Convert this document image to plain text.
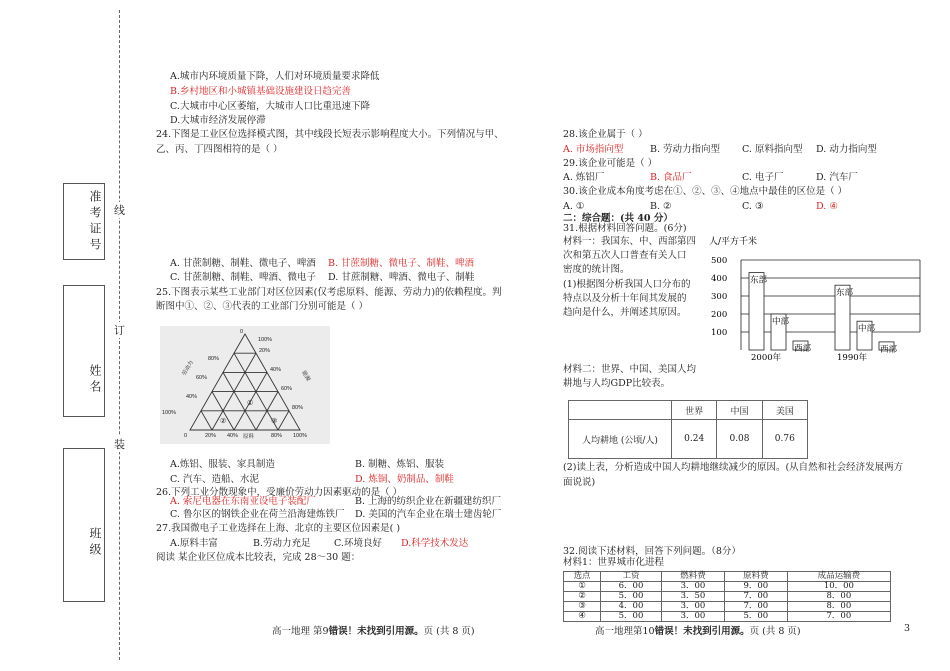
准考证号
姓名
班级
线
订
装
A.城市内环境质量下降，人们对环境质量要求降低
B.乡村地区和小城镇基础设施建设日趋完善
C.大城市中心区萎缩，大城市人口比重迅速下降
D.大城市经济发展停滞
24.下图是工业区位选择模式图，其中线段长短表示影响程度大小。下列情况与甲、
乙、丙、丁四图相符的是（ ）
A. 甘蔗制糖、制鞋、微电子、啤酒 B. 甘蔗制糖、微电子、制鞋、啤酒
C. 甘蔗制糖、制鞋、啤酒、微电子 D. 甘蔗制糖、啤酒、微电子、制鞋
25.下图表示某些工业部门对区位因素(仅考虑原料、能源、劳动力)的依赖程度。判
断图中①、②、③代表的工业部门分别可能是（ ）
0
20%
40%
60%
80%
100%
80%
60%
40%
100%
0	20% 40%	80% 100%
原料
劳动力	能源
①
②	③
A.炼铝、服装、家具制造	B. 制糖、炼铝、服装
C. 汽车、造船、水泥	D. 炼铜、奶制品、制鞋
26.下列工业分散现象中，受廉价劳动力因素驱动的是（ ）
A. 索尼电器在东南亚设电子装配厂	B. 上海的纺织企业在新疆建纺织厂
C. 鲁尔区的钢铁企业在荷兰沿海建炼铁厂 D. 美国的汽车企业在瑞士建齿轮厂
27.我国微电子工业选择在上海、北京的主要区位因素是( )
A.原料丰富	B.劳动力充足 C.环境良好 D.科学技术发达
阅读 某企业区位成本比较表，完成 28～30 题：
28.该企业属于（ ）
A. 市场指向型	B. 劳动力指向型 C. 原料指向型 D. 动力指向型
29.该企业可能是（ ）
A. 炼铝厂	B. 食品厂	C. 电子厂	D. 汽车厂
30.该企业成本角度考虑在①、②、③、④地点中最佳的区位是（ ）
A. ①	B. ②	C. ③	D. ④
二：综合题：(共 40 分）
31.根据材料回答问题。(6分)
材料一：我国东、中、西部第四
次和第五次人口普查有关人口
密度的统计图。
(1)根据图分析我国人口分布的
特点以及分析十年间其发展的
趋向是什么，并阐述其原因。
人/平方千米
100
200
300
400
500
东部
中部
西部
2000年
东部
中部
西部
1990年
材料二：世界、中国、美国人均
耕地与人均GDP比较表。
	世界	中国	美国
人均耕地 (公顷/人)	0.24	0.08	0.76
(2)读上表，分析造成中国人均耕地继续减少的原因。(从自然和社会经济发展两方
面说说)
32.阅读下述材料，回答下列问题。（8分）
材料1：世界城市化进程
选点	工资	燃料费	原料费	成品运输费
①	6．00	3．00	9．00	10．00
②	5．00	3．50	7．00	8．00
③	4．00	3．00	7．00	8．00
④	5．00	3．00	5．00	7．00
高一地理 第9错误！未找到引用源。页 (共 8 页)	高一地理第10错误！未找到引用源。页 (共 8 页)	3
